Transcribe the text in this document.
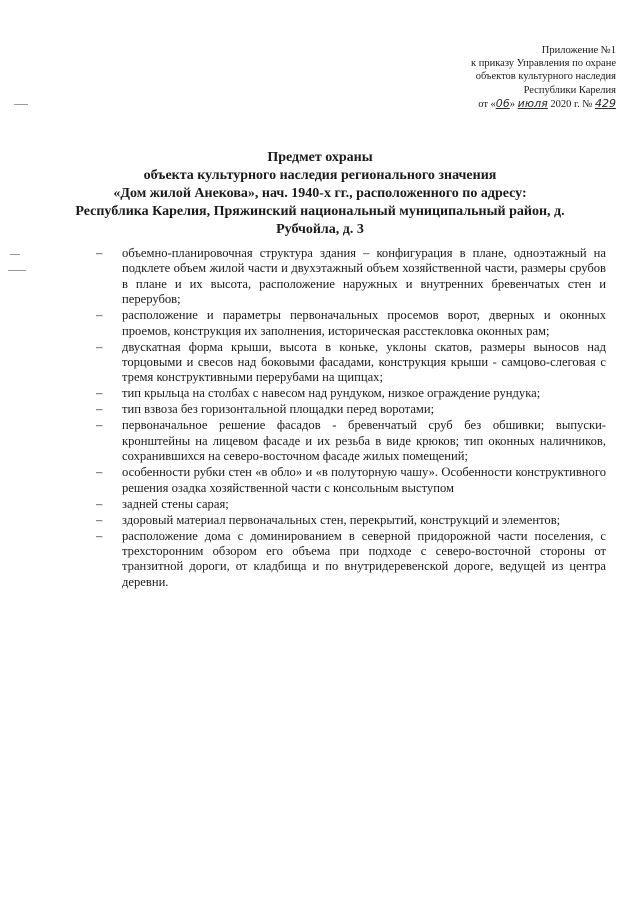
Приложение №1
к приказу Управления по охране
объектов культурного наследия
Республики Карелия
от «06» июля 2020 г. № 429
Предмет охраны
объекта культурного наследия регионального значения
«Дом жилой Анекова», нач. 1940-х гг., расположенного по адресу:
Республика Карелия, Пряжинский национальный муниципальный район, д.
Рубчойла, д. 3
– объемно-планировочная структура здания – конфигурация в плане, одноэтажный на подклете объем жилой части и двухэтажный объем хозяйственной части, размеры срубов в плане и их высота, расположение наружных и внутренних бревенчатых стен и перерубов;
– расположение и параметры первоначальных просемов ворот, дверных и оконных проемов, конструкция их заполнения, историческая расстекловка оконных рам;
– двускатная форма крыши, высота в коньке, уклоны скатов, размеры выносов над торцовыми и свесов над боковыми фасадами, конструкция крыши - самцово-слеговая с тремя конструктивными перерубами на щипцах;
– тип крыльца на столбах с навесом над рундуком, низкое ограждение рундука;
– тип взвоза без горизонтальной площадки перед воротами;
– первоначальное решение фасадов - бревенчатый сруб без обшивки; выпуски-кронштейны на лицевом фасаде и их резьба в виде крюков; тип оконных наличников, сохранившихся на северо-восточном фасаде жилых помещений;
– особенности рубки стен «в обло» и «в полуторную чашу». Особенности конструктивного решения озадка хозяйственной части с консольным выступом
– задней стены сарая;
– здоровый материал первоначальных стен, перекрытий, конструкций и элементов;
– расположение дома с доминированием в северной придорожной части поселения, с трехсторонним обзором его объема при подходе с северо-восточной стороны от транзитной дороги, от кладбища и по внутридеревенской дороге, ведущей из центра деревни.
